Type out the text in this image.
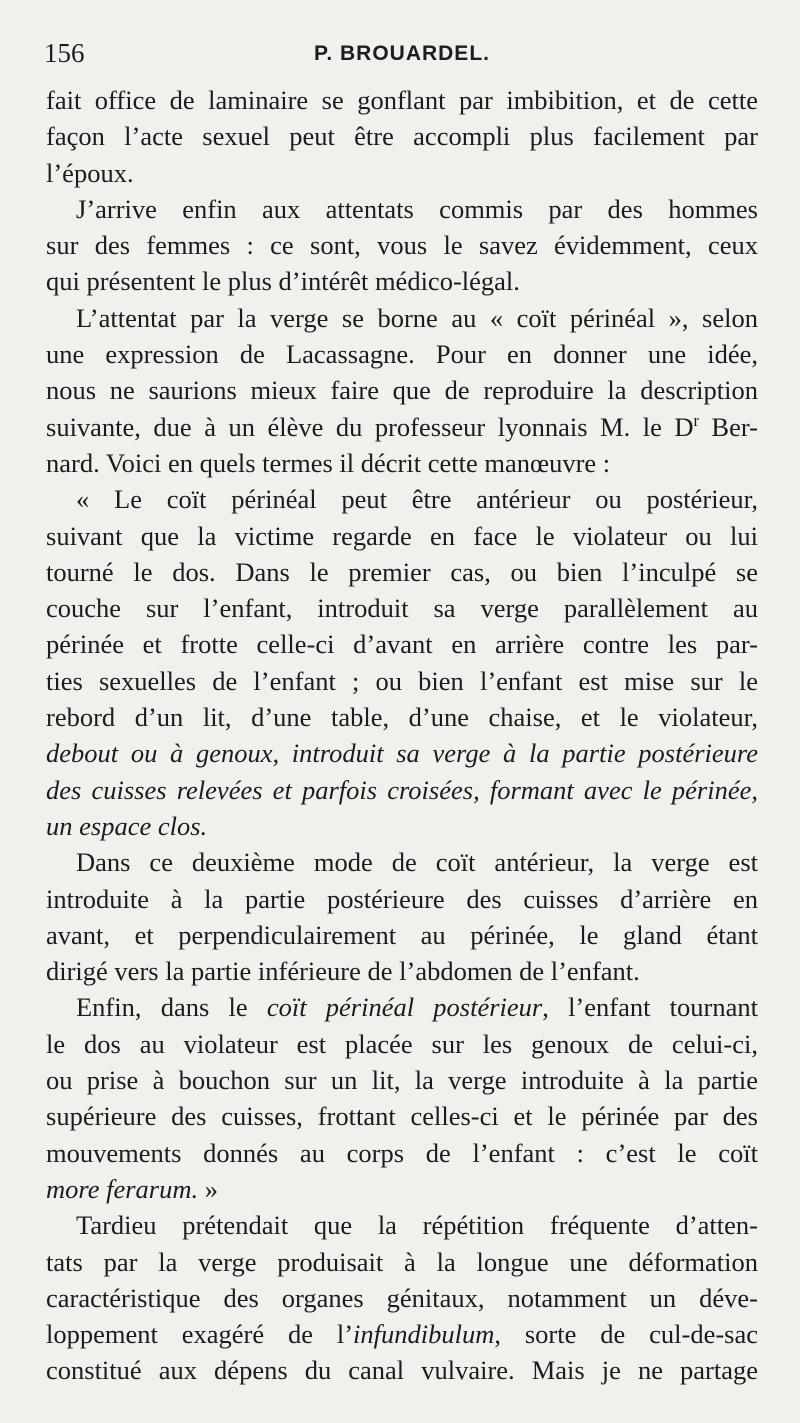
156	P. BROUARDEL.
fait office de laminaire se gonflant par imbibition, et de cette
façon l’acte sexuel peut être accompli plus facilement par
l’époux.
J’arrive enfin aux attentats commis par des hommes
sur des femmes : ce sont, vous le savez évidemment, ceux
qui présentent le plus d’intérêt médico-légal.
L’attentat par la verge se borne au « coït périnéal », selon
une expression de Lacassagne. Pour en donner une idée,
nous ne saurions mieux faire que de reproduire la description
suivante, due à un élève du professeur lyonnais M. le $D^r$ Ber-
nard. Voici en quels termes il décrit cette manœuvre :
« Le coït périnéal peut être antérieur ou postérieur,
suivant que la victime regarde en face le violateur ou lui
tourné le dos. Dans le premier cas, ou bien l’inculpé se
couche sur l’enfant, introduit sa verge parallèlement au
périnée et frotte celle-ci d’avant en arrière contre les par-
ties sexuelles de l’enfant ; ou bien l’enfant est mise sur le
rebord d’un lit, d’une table, d’une chaise, et le violateur,
debout ou à genoux, introduit sa verge à la partie postérieure
des cuisses relevées et parfois croisées, formant avec le périnée,
un espace clos.
Dans ce deuxième mode de coït antérieur, la verge est
introduite à la partie postérieure des cuisses d’arrière en
avant, et perpendiculairement au périnée, le gland étant
dirigé vers la partie inférieure de l’abdomen de l’enfant.
Enfin, dans le coït périnéal postérieur, l’enfant tournant
le dos au violateur est placée sur les genoux de celui-ci,
ou prise à bouchon sur un lit, la verge introduite à la partie
supérieure des cuisses, frottant celles-ci et le périnée par des
mouvements donnés au corps de l’enfant : c’est le coït
more ferarum. »
Tardieu prétendait que la répétition fréquente d’atten-
tats par la verge produisait à la longue une déformation
caractéristique des organes génitaux, notamment un déve-
loppement exagéré de l’infundibulum, sorte de cul-de-sac
constitué aux dépens du canal vulvaire. Mais je ne partage
